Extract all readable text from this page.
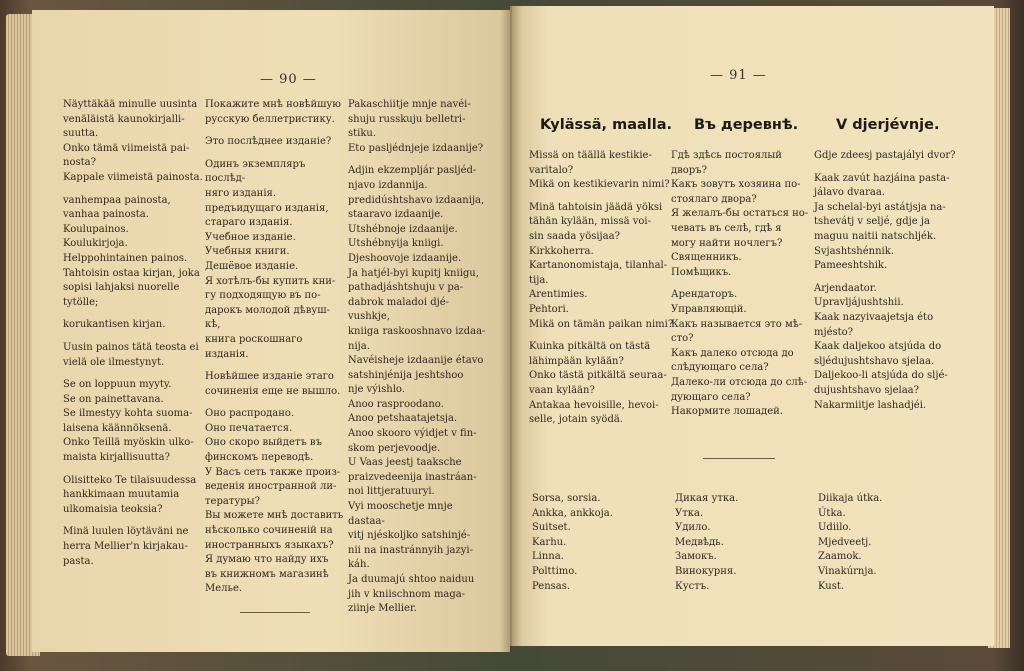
— 90 —
Näyttäkää minulle uusinta
venäläistä kaunokirjalli-
suutta.
Onko tämä viimeistä pai-
nosta?
Kappale viimeistä painosta.
vanhempaa painosta,
vanhaa painosta.
Koulupainos.
Koulukirjoja.
Helppohintainen painos.
Tahtoisin ostaa kirjan, joka
sopisi lahjaksi nuorelle
tytölle;
korukantisen kirjan.
Uusin painos tätä teosta ei
vielä ole ilmestynyt.
Se on loppuun myyty.
Se on painettavana.
Se ilmestyy kohta suoma-
laisena käännöksenä.
Onko Teillä myöskin ulko-
maista kirjallisuutta?
Olisitteko Te tilaisuudessa
hankkimaan muutamia
ulkomaisia teoksia?
Minä luulen löytäväni ne
herra Mellier'n kirjakau-
pasta.
Покажите мнѣ новѣйшую
русскую беллетристику.
Это послѣднее изданіе?
Одинъ экземпляръ послѣд-
няго изданія.
предъидущаго изданія,
стараго изданія.
Учебное изданіе.
Учебныя книги.
Дешёвое изданіе.
Я хотѣлъ-бы купить кни-
гу подходящую въ по-
дарокъ молодой дѣвуш-
кѣ,
книга роскошнаго изданія.
Новѣйшее изданіе этаго
сочиненія еще не вышло.
Оно распродано.
Оно печатается.
Оно скоро выйдетъ въ
финскомъ переводѣ.
У Васъ сеть также произ-
веденія иностранной ли-
тературы?
Вы можете мнѣ доставить
нѣсколько сочиненій на
иностранныхъ языкахъ?
Я думаю что найду ихъ
въ книжномъ магазинѣ
Мелье.
Pakaschiitje mnje navéi-
shuju russkuju belletri-
stiku.
Eto pasljédnjeje izdaanije?
Adjin ekzempljár pasljéd-
njavo izdannija.
predidúshtshavo izdaanija,
staaravo izdaanije.
Utshébnoje izdaanije.
Utshébnyija kniigi.
Djeshoovoje izdaanije.
Ja hatjél-byi kupitj kniigu,
pathadjáshtshuju v pa-
dabrok maladoi djé-
vushkje,
kniiga raskooshnavo izdaa-
nija.
Navéisheje izdaanije étavo
satshinjénija jeshtshoo
nje výishlo.
Anoo rasproodano.
Anoo petshaatajetsja.
Anoo skooro výidjet v fin-
skom perjevoodje.
U Vaas jeestj taaksche
praizvedeenija inastráan-
noi littjeratuuryi.
Vyi mooschetje mnje dastaa-
vitj njéskoljko satshinjé-
nii na inastránnyih jazyi-
káh.
Ja duumajú shtoo naiduu
jih v kniischnom maga-
ziinje Mellier.
— 91 —
Kylässä, maalla. Въ деревнѣ.	V djerjévnje.
Missä on täällä kestikie-
varitalo?
Mikä on kestikievarin nimi?
Minä tahtoisin jäädä yöksi
tähän kylään, missä voi-
sin saada yösijaa?
Kirkkoherra.
Kartanonomistaja, tilanhal-
tija.
Arentimies.
Pehtori.
Mikä on tämän paikan nimi?
Kuinka pitkältä on tästä
lähimpään kylään?
Onko tästä pitkältä seuraa-
vaan kylään?
Antakaa hevoisille, hevoi-
selle, jotain syödä.
Гдѣ здѣсь постоялый
дворъ?
Какъ зовутъ хозяина по-
стоялаго двора?
Я желалъ-бы остаться но-
чевать въ селѣ, гдѣ я
могу найти ночлегъ?
Священникъ.
Помѣщикъ.
Арендаторъ.
Управляющій.
Какъ называется это мѣ-
сто?
Какъ далеко отсюда до
слѣдующаго села?
Далеко-ли отсюда до слѣ-
дующаго села?
Накормите лошадей.
Gdje zdeesj pastajályi dvor?
Kaak zavút hazjáina pasta-
jálavo dvaraa.
Ja schelal-byi astátjsja na-
tshevátj v seljé, gdje ja
maguu naitii natschljék.
Svjashtshénnik.
Pameeshtshik.
Arjendaator.
Upravljájushtshii.
Kaak nazyivaajetsja éto
mjésto?
Kaak daljekoo atsjúda do
sljédujushtshavo sjelaa.
Daljekoo-li atsjúda do sljé-
dujushtshavo sjelaa?
Nakarmiitje lashadjéi.
Sorsa, sorsia.
Ankka, ankkoja.
Suitset.
Karhu.
Linna.
Polttimo.
Pensas.
Дикая утка.
Утка.
Удило.
Медвѣдь.
Замокъ.
Винокурня.
Кустъ.
Diikaja útka.
Útka.
Udiilo.
Mjedveetj.
Zaamok.
Vinakúrnja.
Kust.
